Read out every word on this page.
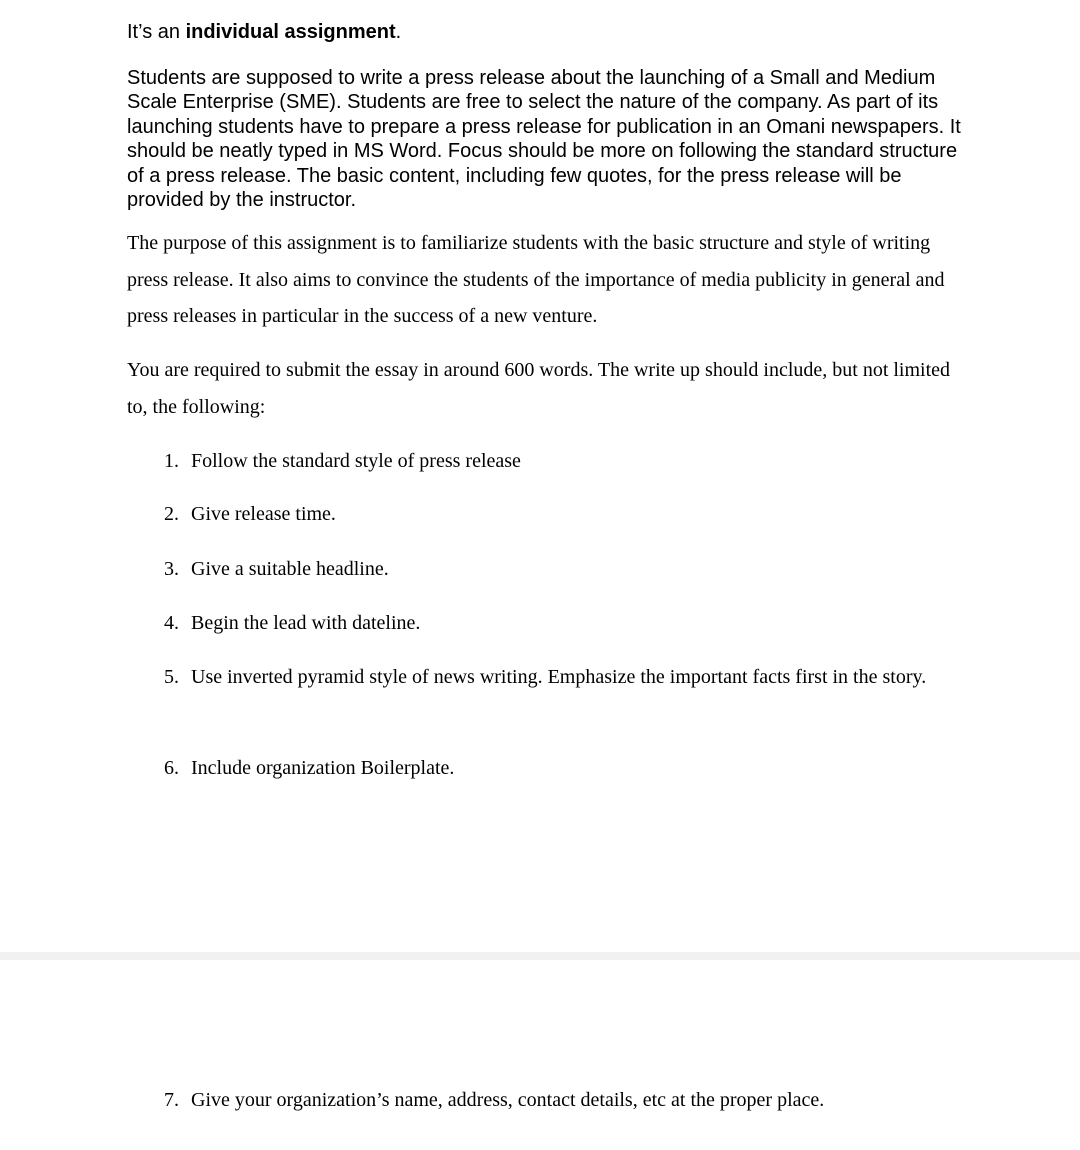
It’s an individual assignment.

Students are supposed to write a press release about the launching of a Small and Medium Scale Enterprise (SME). Students are free to select the nature of the company. As part of its launching students have to prepare a press release for publication in an Omani newspapers. It should be neatly typed in MS Word. Focus should be more on following the standard structure of a press release. The basic content, including few quotes, for the press release will be provided by the instructor.

The purpose of this assignment is to familiarize students with the basic structure and style of writing press release. It also aims to convince the students of the importance of media publicity in general and press releases in particular in the success of a new venture.

You are required to submit the essay in around 600 words. The write up should include, but not limited to, the following:

1. Follow the standard style of press release
2. Give release time.
3. Give a suitable headline.
4. Begin the lead with dateline.
5. Use inverted pyramid style of news writing. Emphasize the important facts first in the story.
6. Include organization Boilerplate.
7. Give your organization’s name, address, contact details, etc at the proper place.
